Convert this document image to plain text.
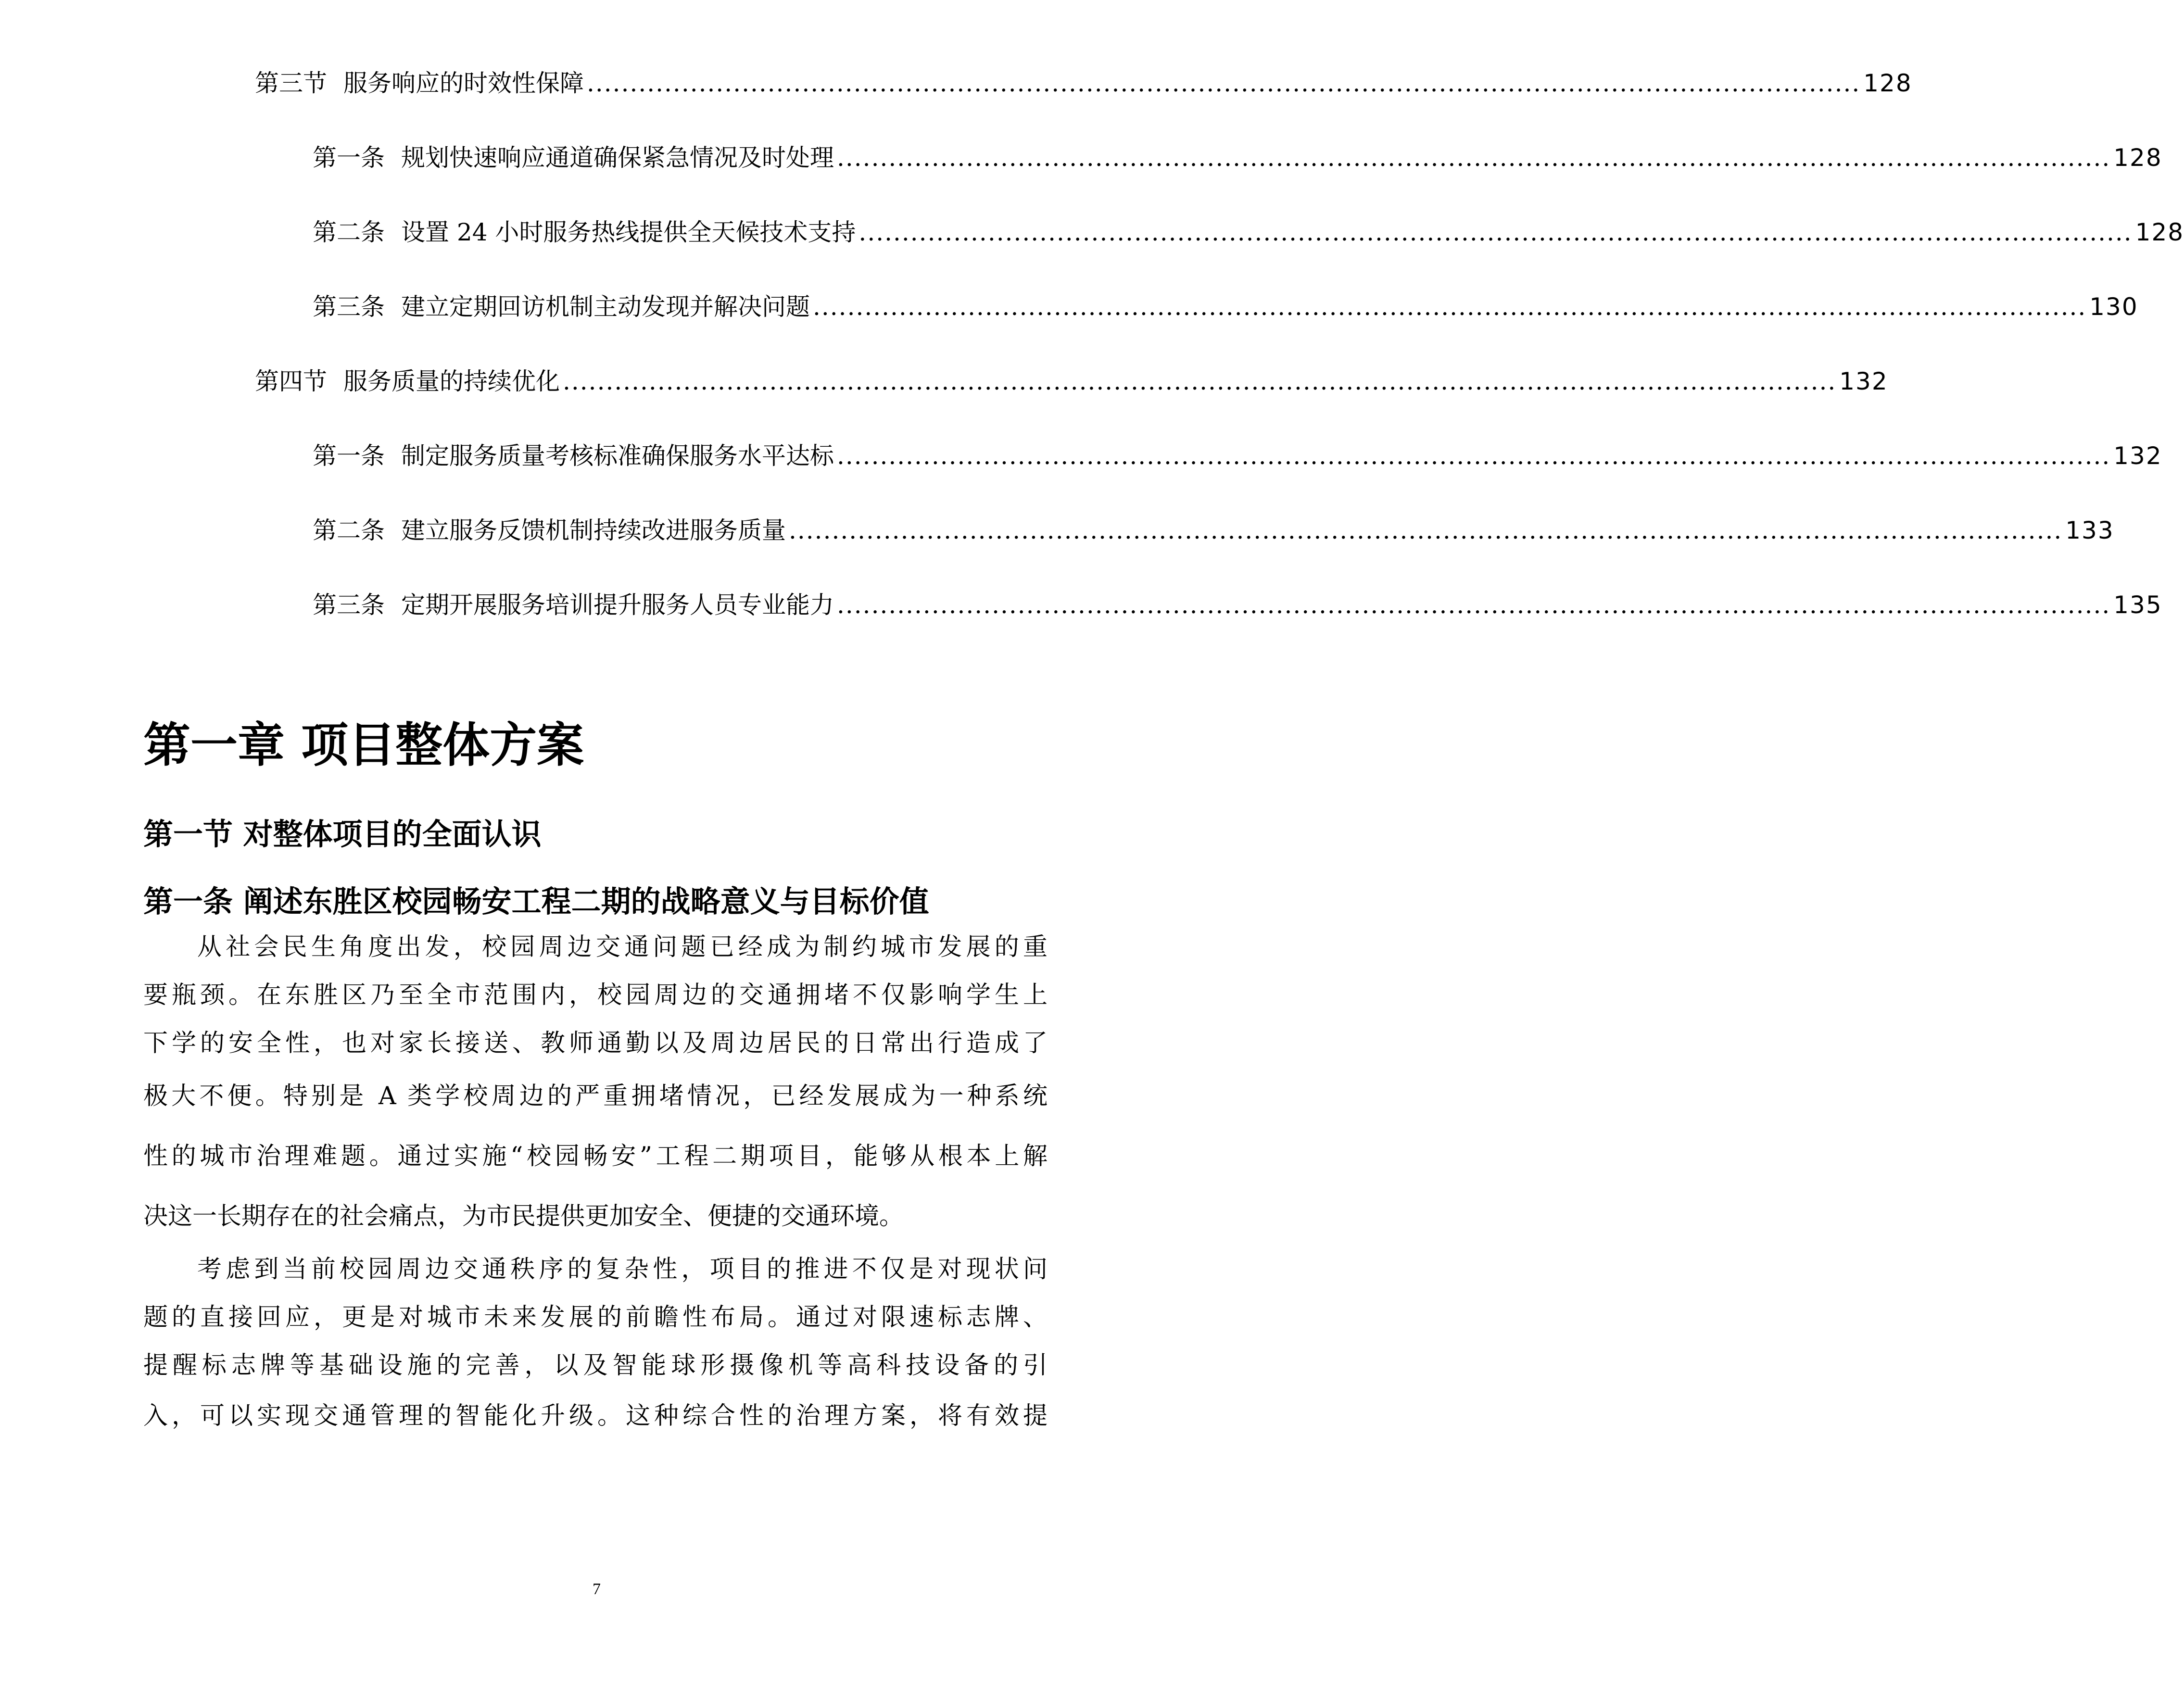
第三节 服务响应的时效性保障 .................................................................................................................................................... 128
第一条 规划快速响应通道确保紧急情况及时处理 .................................................................................................................................................... 128
第二条 设置 24 小时服务热线提供全天候技术支持 .................................................................................................................................................... 128
第三条 建立定期回访机制主动发现并解决问题 .................................................................................................................................................... 130
第四节 服务质量的持续优化 .................................................................................................................................................... 132
第一条 制定服务质量考核标准确保服务水平达标 .................................................................................................................................................... 132
第二条 建立服务反馈机制持续改进服务质量 .................................................................................................................................................... 133
第三条 定期开展服务培训提升服务人员专业能力 .................................................................................................................................................... 135
第一章 项目整体方案
第一节 对整体项目的全面认识
第一条 阐述东胜区校园畅安工程二期的战略意义与目标价值
从社会民生角度出发，校园周边交通问题已经成为制约城市发展的重
要瓶颈。在东胜区乃至全市范围内，校园周边的交通拥堵不仅影响学生上
下学的安全性，也对家长接送、教师通勤以及周边居民的日常出行造成了
极大不便。特别是 A 类学校周边的严重拥堵情况，已经发展成为一种系统
性的城市治理难题。通过实施“校园畅安”工程二期项目，能够从根本上解
决这一长期存在的社会痛点，为市民提供更加安全、便捷的交通环境。
考虑到当前校园周边交通秩序的复杂性，项目的推进不仅是对现状问
题的直接回应，更是对城市未来发展的前瞻性布局。通过对限速标志牌、
提醒标志牌等基础设施的完善，以及智能球形摄像机等高科技设备的引
入，可以实现交通管理的智能化升级。这种综合性的治理方案，将有效提
7
